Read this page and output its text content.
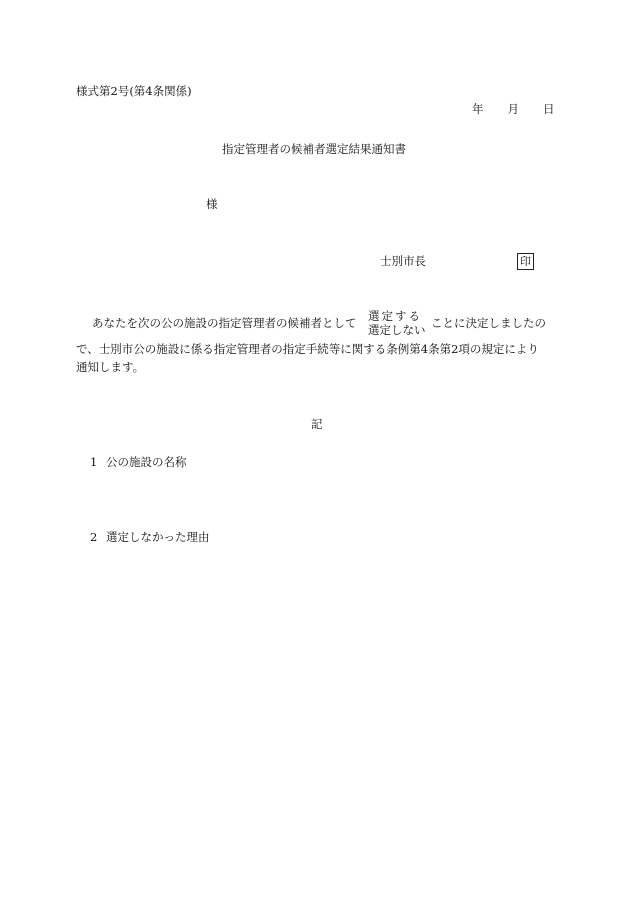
様式第2号(第4条関係)
年 月 日
指定管理者の候補者選定結果通知書
様
士別市長	印
あなたを次の公の施設の指定管理者の候補者として 選定する
選定しない ことに決定しましたの
で、士別市公の施設に係る指定管理者の指定手続等に関する条例第4条第2項の規定により
通知します。
記
1 公の施設の名称
2 選定しなかった理由
